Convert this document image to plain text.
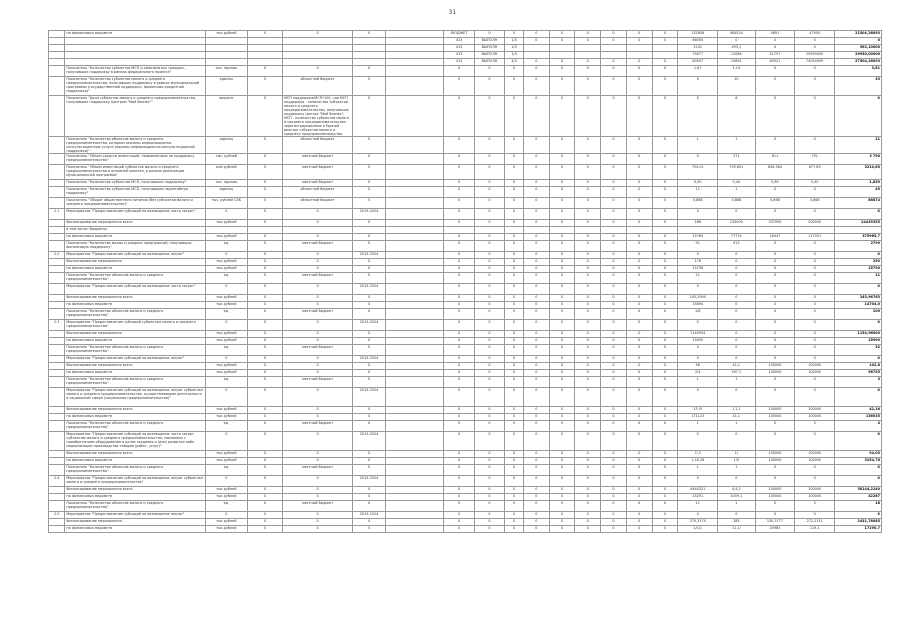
31
	на финансовых ведомств	тыс.рублей	0	0	0		БЮДЖЕТ	0	0	0	0	0	0	0	0	132856	464524	4891	47954	21504,26093
							413	ВЫПОЛН	1/3	0	0	0	0	0	0	66000	0	0	0	0
							413	ВЫПОЛН	1/3							1241	493,1	0	0	983,10000
							413	ВЫПОЛН	1/3							79077	12084	41757	29950000	29950,00000
							413	ВЫПОЛН	4/3	0	0	0	0	0	0	80937	15891	89521	74054999	27504,26093
	Показатель "Количество субъектов МСП и самозанятых граждан, получивших поддержку в рамках федерального проекта"	тыс. единиц	0	0	0		0	0	0	0	0	0	0	0	0	1,67	1,14	0	0	3,81
	Показатель "Количество субъектов малого и среднего предпринимательства, получивших поддержку в рамках муниципальной программы (государственной поддержки, финансово-кредитной поддержки)"	единиц	0	областной бюджет	0		0	0	0	0	0	0	0	0	0	5	10	0	0	33
	Показатель "Доля субъектов малого и среднего предпринимательства, получивших поддержку Центром "Мой бизнес""	процент	0	МСП поддержка/МСП*100, где МСП поддержка - количество субъектов малого и среднего предпринимательства, получивших поддержку Центра "Мой бизнес"; МСП - количество субъектов малого и среднего предпринимательства, зарегистрированных в Единой реестре субъектов малого и среднего предпринимательства	0		0	0	0	0	0	0	0	0	0	5	6	0	0	X
	Показатель "Количество объектов малого и среднего предпринимательства, которым оказаны информационно-консультационные услуги (единиц информационно-консультационной поддержки)"	единиц	0	областной бюджет	0		0	0	0	0	0	0	0	0	0	1	1	0	0	21
	Показатель "Объем средств инвестиций, направленных на поддержку предпринимательства"	тыс. рублей	0	местный бюджет	0		0	0	0	0	0	0	0	0	0	0	271	811	791	3 790
	Показатель "Объем инвестиций субъектов малого и среднего предпринимательства в основной капитал, в рамках реализации муниципальной программы"	млн рублей	0	местный бюджет	0		0	0	0	0	0	0	0	0	0	754,01	795,601	836,384	877,85	3210,85
	Показатель "Количество субъектов МСП, получивших поддержку"	тыс. единиц	0	местный бюджет	0		0	0	0	0	0	0	0	0	0	0,40	0,44	0,80	0,40	1,839
	Показатель "Количество субъектов МСП, получивших гарантийную поддержку"	единиц	0	областной бюджет	0		0	0	0	0	0	0	0	0	0	11	1	0	0	45
	Показатель "Оборот общественного питания (без субъектов малого и среднего предпринимательства)"	тыс. рублей СЭБ	0	областной бюджет	0		0	0	0	0	0	0	0	0	0	0,868	0,868	0,868	0,868	86874
2.1	Мероприятие "Предоставление субсидий на возмещение части затрат"	0	0	0	2019-2024		0	0	0	0	0	0	0	0	0	0	0	0	0	X
	Финансирование мероприятия всего	тыс.рублей	0	0	0		0	0	0	0	0	0	0	0	0	186	133000	337950	200000	24439355
	в том числе: бюджеты																			
	на финансовых ведомств	тыс.рублей	0	0	0		0	0	0	0	0	0	0	0	0	15764	77774	16447	117051	375965,7
	Показатель "Количество малых и средних предприятий, получивших финансовую поддержку"	ед.	0	местный бюджет	0		0	0	0	0	0	0	0	0	0	91	913	0	0	2799
2.2	Мероприятие "Предоставление субсидий на возмещение затрат"	0	0	0	2019-2024		0	0	0	0	0	0	0	0	0	0	0	0	0	X
	Финансирование мероприятия	тыс.рублей	0	0	0		0	0	0	0	0	0	0	0	0	176	0	0	0	250
	на финансовых ведомств	тыс.рублей	0	0	0		0	0	0	0	0	0	0	0	0	15708	0	0	0	15790
	Показатель "Количество объектов малого и среднего предпринимательства"	ед.	0	местный бюджет	0		0	0	0	0	0	0	0	0	0	21	0	0	0	11
	Мероприятие "Предоставление субсидий на возмещение части затрат"	0	0	0	2019-2024		0	0	0	0	0	0	0	0	0	0	0	0	0	X
	Финансирование мероприятия всего	тыс.рублей	0	0	0		0	0	0	0	0	0	0	0	0	245,2994	0	0	0	245,96763
	на финансовых ведомств	тыс.рублей	0	0	0		0	0	0	0	0	0	0	0	0	15894	0	0	0	14704,0
	Показатель "Количество объектов малого и среднего предпринимательства"	ед.	0	местный бюджет	0		0	0	0	0	0	0	0	0	0	1/8	0	0	0	100
2.3	Мероприятие "Предоставление субсидий субъектам малого и среднего предпринимательства"	0	0	0	2019-2024		0	0	0	0	0	0	0	0	0	0	0	0	0	X
	Финансирование мероприятия	тыс.рублей	0	0	0		0	0	0	0	0	0	0	0	0	1145954	0	0	0	1154,96000
	на финансовых ведомств	тыс.рублей	0	0	0		0	0	0	0	0	0	0	0	0	15000	0	0	0	15900
	Показатель "Количество объектов малого и среднего предпринимательства"	ед.	0	местный бюджет	0		0	0	0	0	0	0	0	0	0	0	0	0	0	32
	Мероприятие "Предоставление субсидий на возмещение затрат"	0	0	0	2019-2024		0	0	0	0	0	0	0	0	0	0	0	0	0	X
	Финансирование мероприятия всего	тыс.рублей	0	0	0		0	0	0	0	0	0	0	0	0	48	41,1	100000	100000	102,8
	на финансовых ведомств	тыс.рублей	0	0	0		0	0	0	0	0	0	0	0	0	2/3	297,1	100000	100000	96755
	Показатель "Количество объектов малого и среднего предпринимательства"	ед.	0	местный бюджет	0		0	0	0	0	0	0	0	0	0	1	1	0	0	3
	Мероприятие "Предоставление субсидий на возмещение затрат субъектам малого и среднего предпринимательства, осуществляющим деятельность в социальной сфере (социальное предпринимательство)"	0	0	0	2019-2024		0	0	0	0	0	0	0	0	0	0	0	0	0	X
	Финансирование мероприятия всего	тыс.рублей	0	0	0		0	0	0	0	0	0	0	0	0	15 /5	1,1,1	100000	100000	42,16
	на финансовых ведомств	тыс.рублей	0	0	0		0	0	0	0	0	0	0	0	0	171123	41,1	100000	100000	136035
	Показатель "Количество объектов малого и среднего предпринимательства"	ед.	0	местный бюджет	0		0	0	0	0	0	0	0	0	0	1	1	0	0	4
	Мероприятие "Предоставление субсидий на возмещение части затрат субъектам малого и среднего предпринимательства, связанных с приобретением оборудования в целях создания и (или) развития либо модернизации производства товаров (работ, услуг)"	0	0	0	2019-2024		0	0	0	0	0	0	0	0	0	0	0	0	0	X
	Финансирование мероприятия всего	тыс.рублей	0	0	0		0	0	0	0	0	0	0	0	0	7/,2	1/	100000	100000	94,03
	на финансовых ведомств	тыс.рублей	0	0	0		0	0	0	0	0	0	0	0	0	1,18,28	1/5	100000	100000	3254,76
	Показатель "Количество объектов малого и среднего предпринимательства"	ед.	0	местный бюджет	0		0	0	0	0	0	0	0	0	0	1	1	0	0	X
2.4	Мероприятие "Предоставление субсидий на возмещение затрат субъектам малого и среднего предпринимательства"	0	0	0	2019-2024		0	0	0	0	0	0	0	0	0	0	0	0	0	X
	Финансирование мероприятия всего	тыс.рублей	0	0	0		0	0	0	0	0	0	0	0	0	4444321	4,4,2	100000	100000	38144,2240
	на финансовых ведомств	тыс.рублей	0	0	0		0	0	0	0	0	0	0	0	0	15291	1009,1	100000	100000	42267
	Показатель "Количество объектов малого и среднего предпринимательства"	ед.	0	местный бюджет	0		0	0	0	0	0	0	0	0	0	11	1	0	0	18
2.5	Мероприятие "Предоставление субсидий на возмещение затрат"	0	0	0	2019-2024		0	0	0	0	0	0	0	0	0	0	0	0	0	X
	Финансирование мероприятия	тыс.рублей	0	0	0		0	0	0	0	0	0	0	0	0	270,3174	185	130,3777	272,2111	2431,76085
	на финансовых ведомств	тыс.рублей	0	0	0		0	0	0	0	0	0	0	0	0	1/1/1	11,1/	20985	119,1	17290,7
